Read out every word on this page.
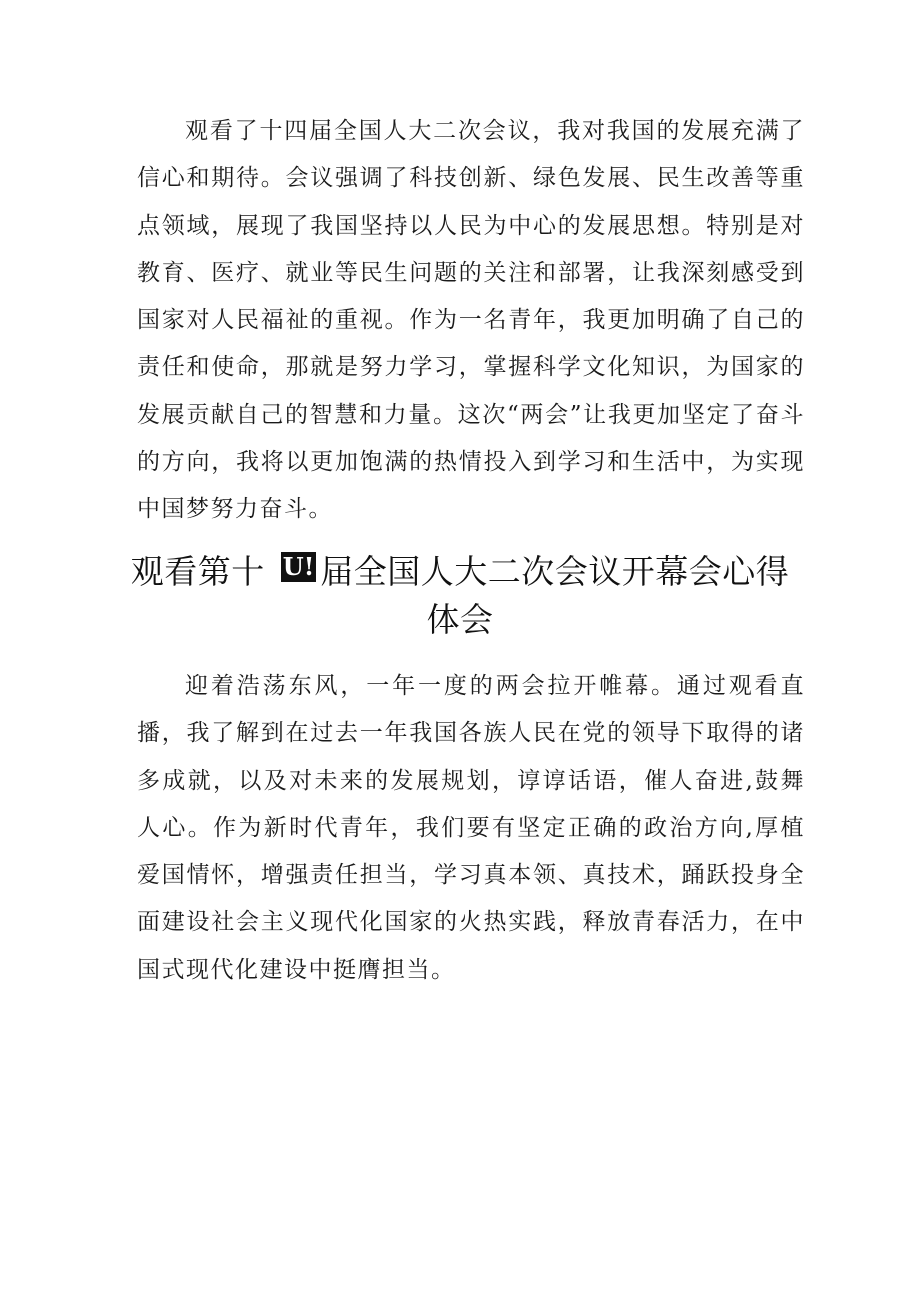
观看了十四届全国人大二次会议，我对我国的发展充满了信心和期待。会议强调了科技创新、绿色发展、民生改善等重点领域，展现了我国坚持以人民为中心的发展思想。特别是对教育、医疗、就业等民生问题的关注和部署，让我深刻感受到国家对人民福祉的重视。作为一名青年，我更加明确了自己的责任和使命，那就是努力学习，掌握科学文化知识，为国家的发展贡献自己的智慧和力量。这次“两会”让我更加坚定了奋斗的方向，我将以更加饱满的热情投入到学习和生活中，为实现中国梦努力奋斗。

观看第十 U! 届全国人大二次会议开幕会心得体会

迎着浩荡东风，一年一度的两会拉开帷幕。通过观看直播，我了解到在过去一年我国各族人民在党的领导下取得的诸多成就，以及对未来的发展规划，谆谆话语，催人奋进,鼓舞人心。作为新时代青年，我们要有坚定正确的政治方向,厚植爱国情怀，增强责任担当，学习真本领、真技术，踊跃投身全面建设社会主义现代化国家的火热实践，释放青春活力，在中国式现代化建设中挺膺担当。
